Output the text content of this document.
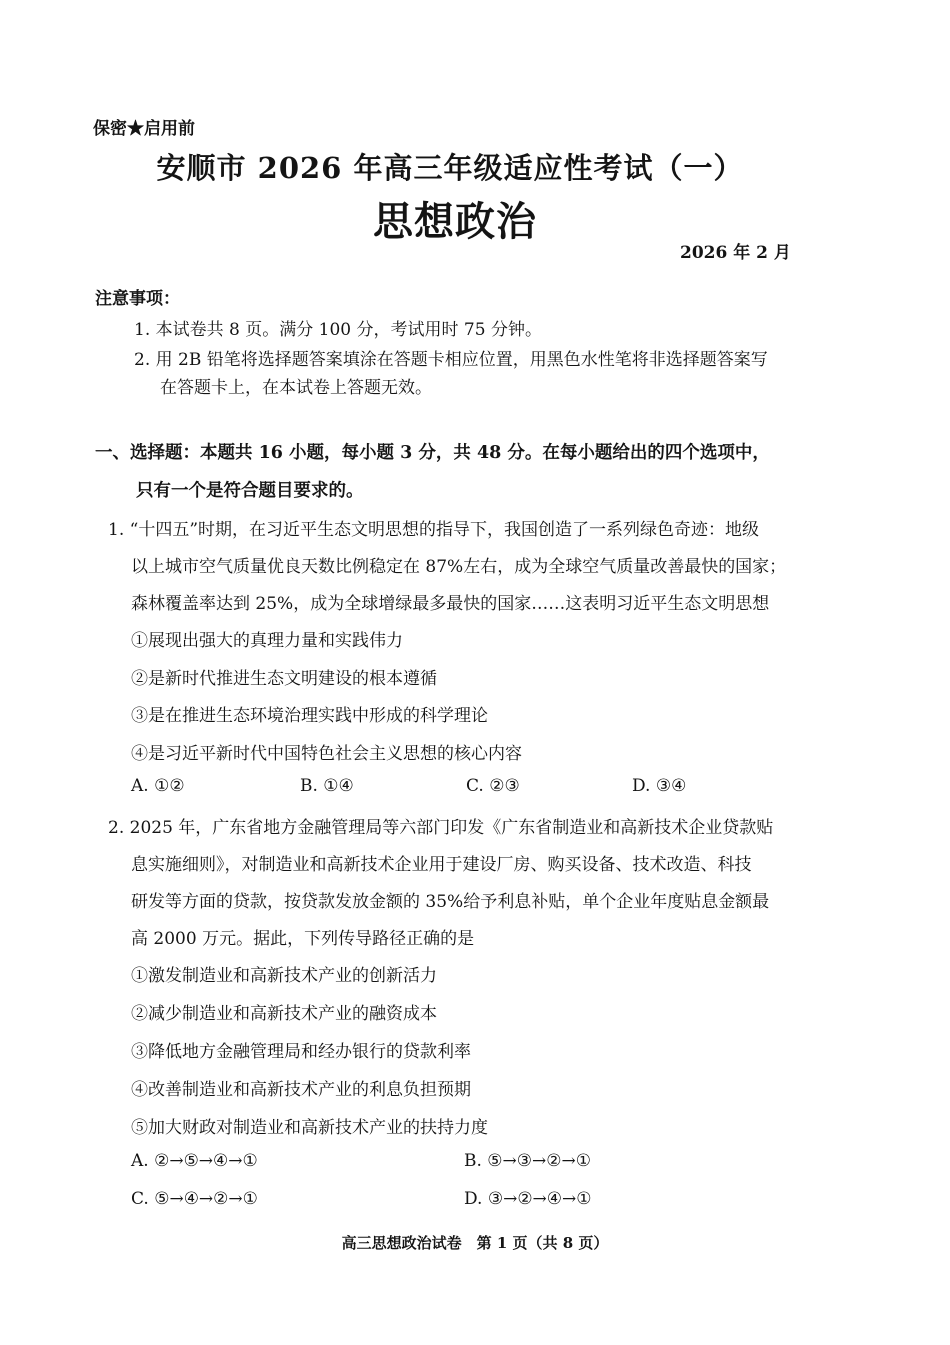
保密★启用前
安顺市 2026 年高三年级适应性考试（一）
思想政治
2026 年 2 月
注意事项：
1. 本试卷共 8 页。满分 100 分，考试用时 75 分钟。
2. 用 2B 铅笔将选择题答案填涂在答题卡相应位置，用黑色水性笔将非选择题答案写
在答题卡上，在本试卷上答题无效。
一、选择题：本题共 16 小题，每小题 3 分，共 48 分。在每小题给出的四个选项中，
只有一个是符合题目要求的。
1. “十四五”时期，在习近平生态文明思想的指导下，我国创造了一系列绿色奇迹：地级
以上城市空气质量优良天数比例稳定在 87%左右，成为全球空气质量改善最快的国家；
森林覆盖率达到 25%，成为全球增绿最多最快的国家……这表明习近平生态文明思想
①展现出强大的真理力量和实践伟力
②是新时代推进生态文明建设的根本遵循
③是在推进生态环境治理实践中形成的科学理论
④是习近平新时代中国特色社会主义思想的核心内容
A. ①②	B. ①④	C. ②③	D. ③④
2. 2025 年，广东省地方金融管理局等六部门印发《广东省制造业和高新技术企业贷款贴
息实施细则》，对制造业和高新技术企业用于建设厂房、购买设备、技术改造、科技
研发等方面的贷款，按贷款发放金额的 35%给予利息补贴，单个企业年度贴息金额最
高 2000 万元。据此，下列传导路径正确的是
①激发制造业和高新技术产业的创新活力
②减少制造业和高新技术产业的融资成本
③降低地方金融管理局和经办银行的贷款利率
④改善制造业和高新技术产业的利息负担预期
⑤加大财政对制造业和高新技术产业的扶持力度
A. ②→⑤→④→①	B. ⑤→③→②→①
C. ⑤→④→②→①	D. ③→②→④→①
高三思想政治试卷　第 1 页（共 8 页）
